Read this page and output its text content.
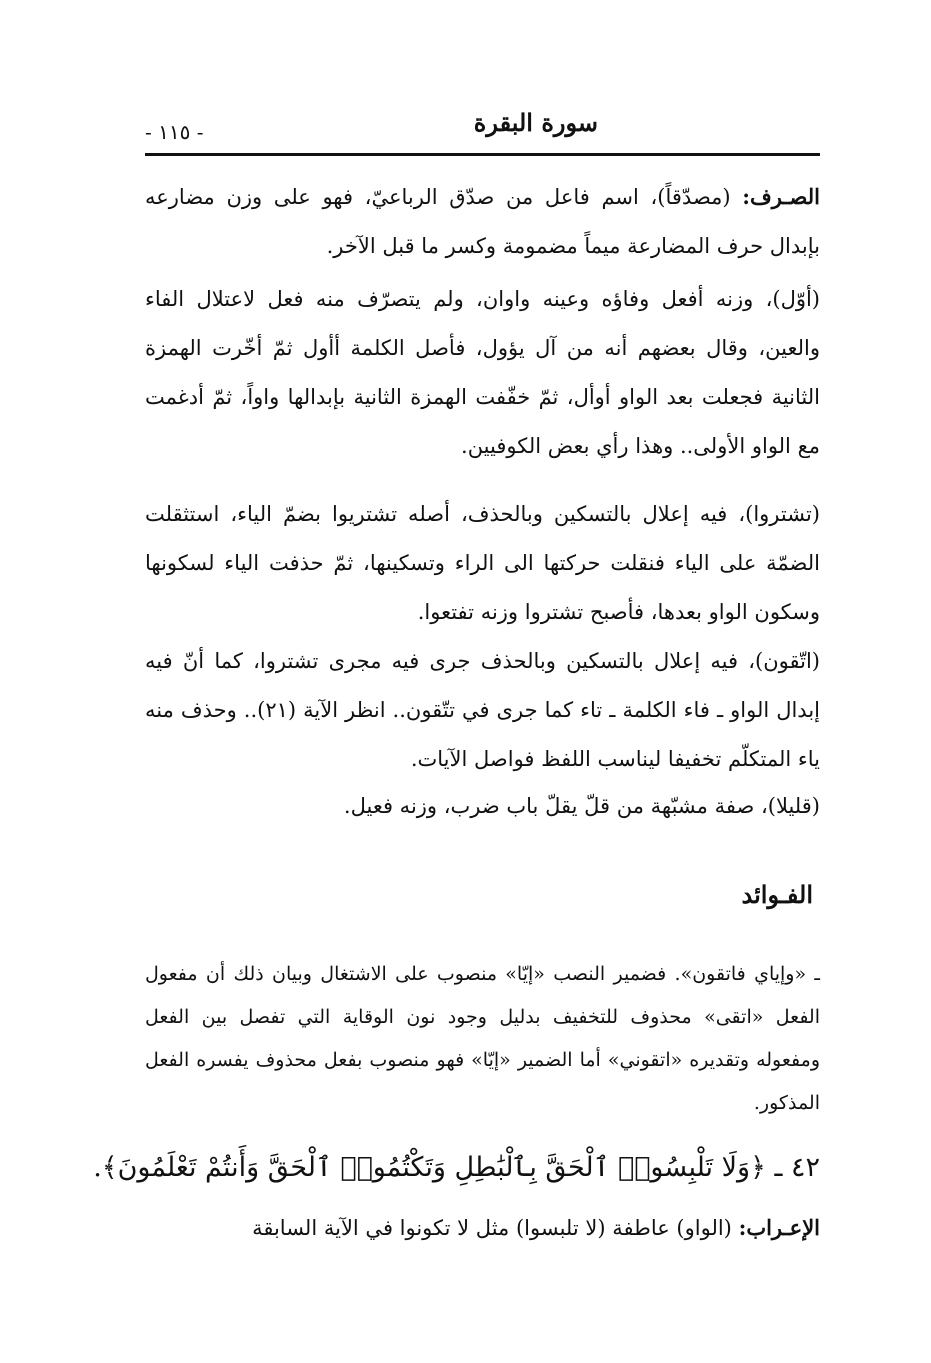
سورة البقرة
- ١١٥ -
الصـرف: (مصدّقاً)، اسم فاعل من صدّق الرباعيّ، فهو على وزن مضارعه بإبدال حرف المضارعة ميماً مضمومة وكسر ما قبل الآخر.
(أوّل)، وزنه أفعل وفاؤه وعينه واوان، ولم يتصرّف منه فعل لاعتلال الفاء والعين، وقال بعضهم أنه من آل يؤول، فأصل الكلمة أأول ثمّ أخّرت الهمزة الثانية فجعلت بعد الواو أوأل، ثمّ خفّفت الهمزة الثانية بإبدالها واواً، ثمّ أدغمت مع الواو الأولى.. وهذا رأي بعض الكوفيين.
(تشتروا)، فيه إعلال بالتسكين وبالحذف، أصله تشتريوا بضمّ الياء، استثقلت الضمّة على الياء فنقلت حركتها الى الراء وتسكينها، ثمّ حذفت الياء لسكونها وسكون الواو بعدها، فأصبح تشتروا وزنه تفتعوا.
(اتّقون)، فيه إعلال بالتسكين وبالحذف جرى فيه مجرى تشتروا، كما أنّ فيه إبدال الواو ـ فاء الكلمة ـ تاء كما جرى في تتّقون.. انظر الآية (٢١).. وحذف منه ياء المتكلّم تخفيفا ليناسب اللفظ فواصل الآيات.
(قليلا)، صفة مشبّهة من قلّ يقلّ باب ضرب، وزنه فعيل.
الفـوائد
ـ «وإياي فاتقون». فضمير النصب «إيّا» منصوب على الاشتغال وبيان ذلك أن مفعول الفعل «اتقى» محذوف للتخفيف بدليل وجود نون الوقاية التي تفصل بين الفعل ومفعوله وتقديره «اتقوني» أما الضمير «إيّا» فهو منصوب بفعل محذوف يفسره الفعل المذكور.
٤٢ ـ ﴿وَلَا تَلْبِسُوا۟ ٱلْحَقَّ بِٱلْبَٰطِلِ وَتَكْتُمُوا۟ ٱلْحَقَّ وَأَنتُمْ تَعْلَمُونَ﴾.
الإعـراب: (الواو) عاطفة (لا تلبسوا) مثل لا تكونوا في الآية السابقة
